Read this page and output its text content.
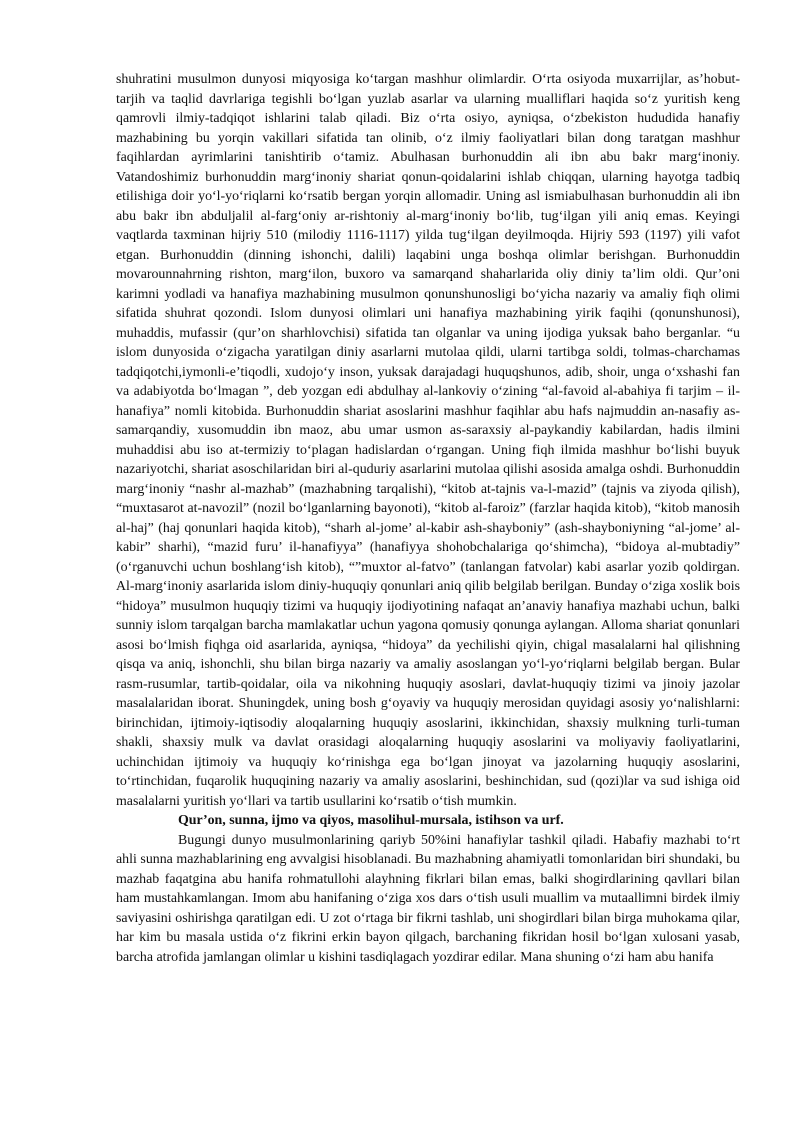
shuhratini musulmon dunyosi miqyosiga ko‘targan mashhur olimlardir. O‘rta osiyoda muxarrijlar, as’hobut-tarjih va taqlid davrlariga tegishli bo‘lgan yuzlab asarlar va ularning mualliflari haqida so‘z yuritish keng qamrovli ilmiy-tadqiqot ishlarini talab qiladi. Biz o‘rta osiyo, ayniqsa, o‘zbekiston hududida hanafiy mazhabining bu yorqin vakillari sifatida tan olinib, o‘z ilmiy faoliyatlari bilan dong taratgan mashhur faqihlardan ayrimlarini tanishtirib o‘tamiz. Abulhasan burhonuddin ali ibn abu bakr marg‘inoniy. Vatandoshimiz burhonuddin marg‘inoniy shariat qonun-qoidalarini ishlab chiqqan, ularning hayotga tadbiq etilishiga doir yo‘l-yo‘riqlarni ko‘rsatib bergan yorqin allomadir. Uning asl ismiabulhasan burhonuddin ali ibn abu bakr ibn abduljalil al-farg‘oniy ar-rishtoniy al-marg‘inoniy bo‘lib, tug‘ilgan yili aniq emas. Keyingi vaqtlarda taxminan hijriy 510 (milodiy 1116-1117) yilda tug‘ilgan deyilmoqda. Hijriy 593 (1197) yili vafot etgan. Burhonuddin (dinning ishonchi, dalili) laqabini unga boshqa olimlar berishgan. Burhonuddin movarounnahrning rishton, marg‘ilon, buxoro va samarqand shaharlarida oliy diniy ta’lim oldi. Qur’oni karimni yodladi va hanafiya mazhabining musulmon qonunshunosligi bo‘yicha nazariy va amaliy fiqh olimi sifatida shuhrat qozondi. Islom dunyosi olimlari uni hanafiya mazhabining yirik faqihi (qonunshunosi), muhaddis, mufassir (qur’on sharhlovchisi) sifatida tan olganlar va uning ijodiga yuksak baho berganlar. “u islom dunyosida o‘zigacha yaratilgan diniy asarlarni mutolaa qildi, ularni tartibga soldi, tolmas-charchamas tadqiqotchi,iymonli-e’tiqodli, xudojo‘y inson, yuksak darajadagi huquqshunos, adib, shoir, unga o‘xshashi fan va adabiyotda bo‘lmagan ”, deb yozgan edi abdulhay al-lankoviy o‘zining “al-favoid al-abahiya fi tarjim – il-hanafiya” nomli kitobida. Burhonuddin shariat asoslarini mashhur faqihlar abu hafs najmuddin an-nasafiy as-samarqandiy, xusomuddin ibn maoz, abu umar usmon as-saraxsiy al-paykandiy kabilardan, hadis ilmini muhaddisi abu iso at-termiziy to‘plagan hadislardan o‘rgangan. Uning fiqh ilmida mashhur bo‘lishi buyuk nazariyotchi, shariat asoschilaridan biri al-quduriy asarlarini mutolaa qilishi asosida amalga oshdi. Burhonuddin marg‘inoniy “nashr al-mazhab” (mazhabning tarqalishi), “kitob at-tajnis va-l-mazid” (tajnis va ziyoda qilish), “muxtasarot at-navozil” (nozil bo‘lganlarning bayonoti), “kitob al-faroiz” (farzlar haqida kitob), “kitob manosih al-haj” (haj qonunlari haqida kitob), “sharh al-jome’ al-kabir ash-shayboniy” (ash-shayboniyning “al-jome’ al-kabir” sharhi), “mazid furu’ il-hanafiyya” (hanafiyya shohobchalariga qo‘shimcha), “bidoya al-mubtadiy” (o‘rganuvchi uchun boshlang‘ish kitob), “”muxtor al-fatvo” (tanlangan fatvolar) kabi asarlar yozib qoldirgan. Al-marg‘inoniy asarlarida islom diniy-huquqiy qonunlari aniq qilib belgilab berilgan. Bunday o‘ziga xoslik bois “hidoya” musulmon huquqiy tizimi va huquqiy ijodiyotining nafaqat an’anaviy hanafiya mazhabi uchun, balki sunniy islom tarqalgan barcha mamlakatlar uchun yagona qomusiy qonunga aylangan. Alloma shariat qonunlari asosi bo‘lmish fiqhga oid asarlarida, ayniqsa, “hidoya” da yechilishi qiyin, chigal masalalarni hal qilishning qisqa va aniq, ishonchli, shu bilan birga nazariy va amaliy asoslangan yo‘l-yo‘riqlarni belgilab bergan. Bular rasm-rusumlar, tartib-qoidalar, oila va nikohning huquqiy asoslari, davlat-huquqiy tizimi va jinoiy jazolar masalalaridan iborat. Shuningdek, uning bosh g‘oyaviy va huquqiy merosidan quyidagi asosiy yo‘nalishlarni: birinchidan, ijtimoiy-iqtisodiy aloqalarning huquqiy asoslarini, ikkinchidan, shaxsiy mulkning turli-tuman shakli, shaxsiy mulk va davlat orasidagi aloqalarning huquqiy asoslarini va moliyaviy faoliyatlarini, uchinchidan ijtimoiy va huquqiy ko‘rinishga ega bo‘lgan jinoyat va jazolarning huquqiy asoslarini, to‘rtinchidan, fuqarolik huquqining nazariy va amaliy asoslarini, beshinchidan, sud (qozi)lar va sud ishiga oid masalalarni yuritish yo‘llari va tartib usullarini ko‘rsatib o‘tish mumkin.

Qur’on, sunna, ijmo va qiyos, masolihul-mursala, istihson va urf.

Bugungi dunyo musulmonlarining qariyb 50%ini hanafiylar tashkil qiladi. Habafiy mazhabi to‘rt ahli sunna mazhablarining eng avvalgisi hisoblanadi. Bu mazhabning ahamiyatli tomonlaridan biri shundaki, bu mazhab faqatgina abu hanifa rohmatullohi alayhning fikrlari bilan emas, balki shogirdlarining qavllari bilan ham mustahkamlangan. Imom abu hanifaning o‘ziga xos dars o‘tish usuli muallim va mutaallimni birdek ilmiy saviyasini oshirishga qaratilgan edi. U zot o‘rtaga bir fikrni tashlab, uni shogirdlari bilan birga muhokama qilar, har kim bu masala ustida o‘z fikrini erkin bayon qilgach, barchaning fikridan hosil bo‘lgan xulosani yasab, barcha atrofida jamlangan olimlar u kishini tasdiqlagach yozdirar edilar. Mana shuning o‘zi ham abu hanifa
